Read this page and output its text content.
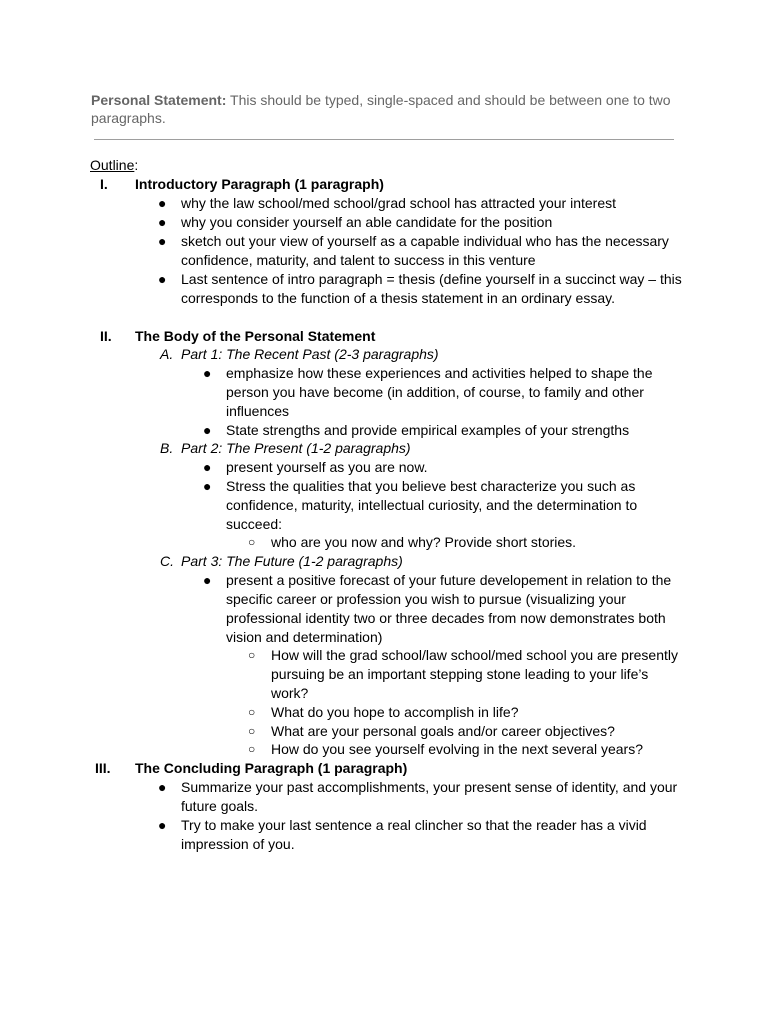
Personal Statement: This should be typed, single-spaced and should be between one to two paragraphs.
Outline:
I. Introductory Paragraph (1 paragraph)
● why the law school/med school/grad school has attracted your interest
● why you consider yourself an able candidate for the position
● sketch out your view of yourself as a capable individual who has the necessary
confidence, maturity, and talent to success in this venture
● Last sentence of intro paragraph = thesis (define yourself in a succinct way – this
corresponds to the function of a thesis statement in an ordinary essay.
II. The Body of the Personal Statement
A. Part 1: The Recent Past (2-3 paragraphs)
● emphasize how these experiences and activities helped to shape the
person you have become (in addition, of course, to family and other
influences
● State strengths and provide empirical examples of your strengths
B. Part 2: The Present (1-2 paragraphs)
● present yourself as you are now.
● Stress the qualities that you believe best characterize you such as
confidence, maturity, intellectual curiosity, and the determination to
succeed:
○ who are you now and why? Provide short stories.
C. Part 3: The Future (1-2 paragraphs)
● present a positive forecast of your future developement in relation to the
specific career or profession you wish to pursue (visualizing your
professional identity two or three decades from now demonstrates both
vision and determination)
○ How will the grad school/law school/med school you are presently
pursuing be an important stepping stone leading to your life’s
work?
○ What do you hope to accomplish in life?
○ What are your personal goals and/or career objectives?
○ How do you see yourself evolving in the next several years?
III. The Concluding Paragraph (1 paragraph)
● Summarize your past accomplishments, your present sense of identity, and your
future goals.
● Try to make your last sentence a real clincher so that the reader has a vivid
impression of you.
